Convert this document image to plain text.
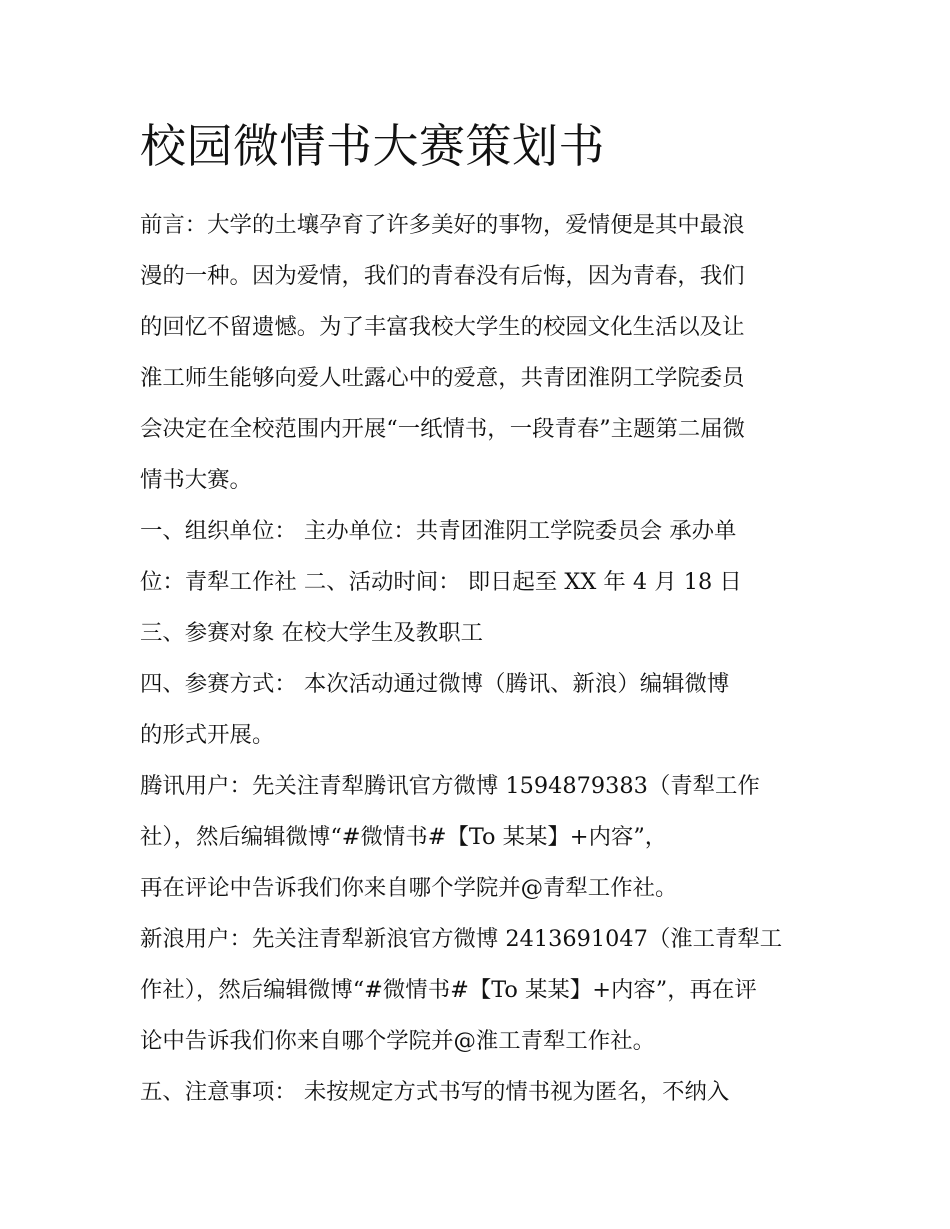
校园微情书大赛策划书
前言：大学的土壤孕育了许多美好的事物，爱情便是其中最浪
漫的一种。因为爱情，我们的青春没有后悔，因为青春，我们
的回忆不留遗憾。为了丰富我校大学生的校园文化生活以及让
淮工师生能够向爱人吐露心中的爱意，共青团淮阴工学院委员
会决定在全校范围内开展“一纸情书，一段青春”主题第二届微
情书大赛。
一、组织单位： 主办单位：共青团淮阴工学院委员会 承办单
位：青犁工作社 二、活动时间： 即日起至 XX 年 4 月 18 日
三、参赛对象 在校大学生及教职工
四、参赛方式： 本次活动通过微博（腾讯、新浪）编辑微博
的形式开展。
腾讯用户：先关注青犁腾讯官方微博 1594879383（青犁工作
社），然后编辑微博“#微情书#【To 某某】+内容”，
再在评论中告诉我们你来自哪个学院并@青犁工作社。
新浪用户：先关注青犁新浪官方微博 2413691047（淮工青犁工
作社），然后编辑微博“#微情书#【To 某某】+内容”，再在评
论中告诉我们你来自哪个学院并@淮工青犁工作社。
五、注意事项： 未按规定方式书写的情书视为匿名，不纳入
